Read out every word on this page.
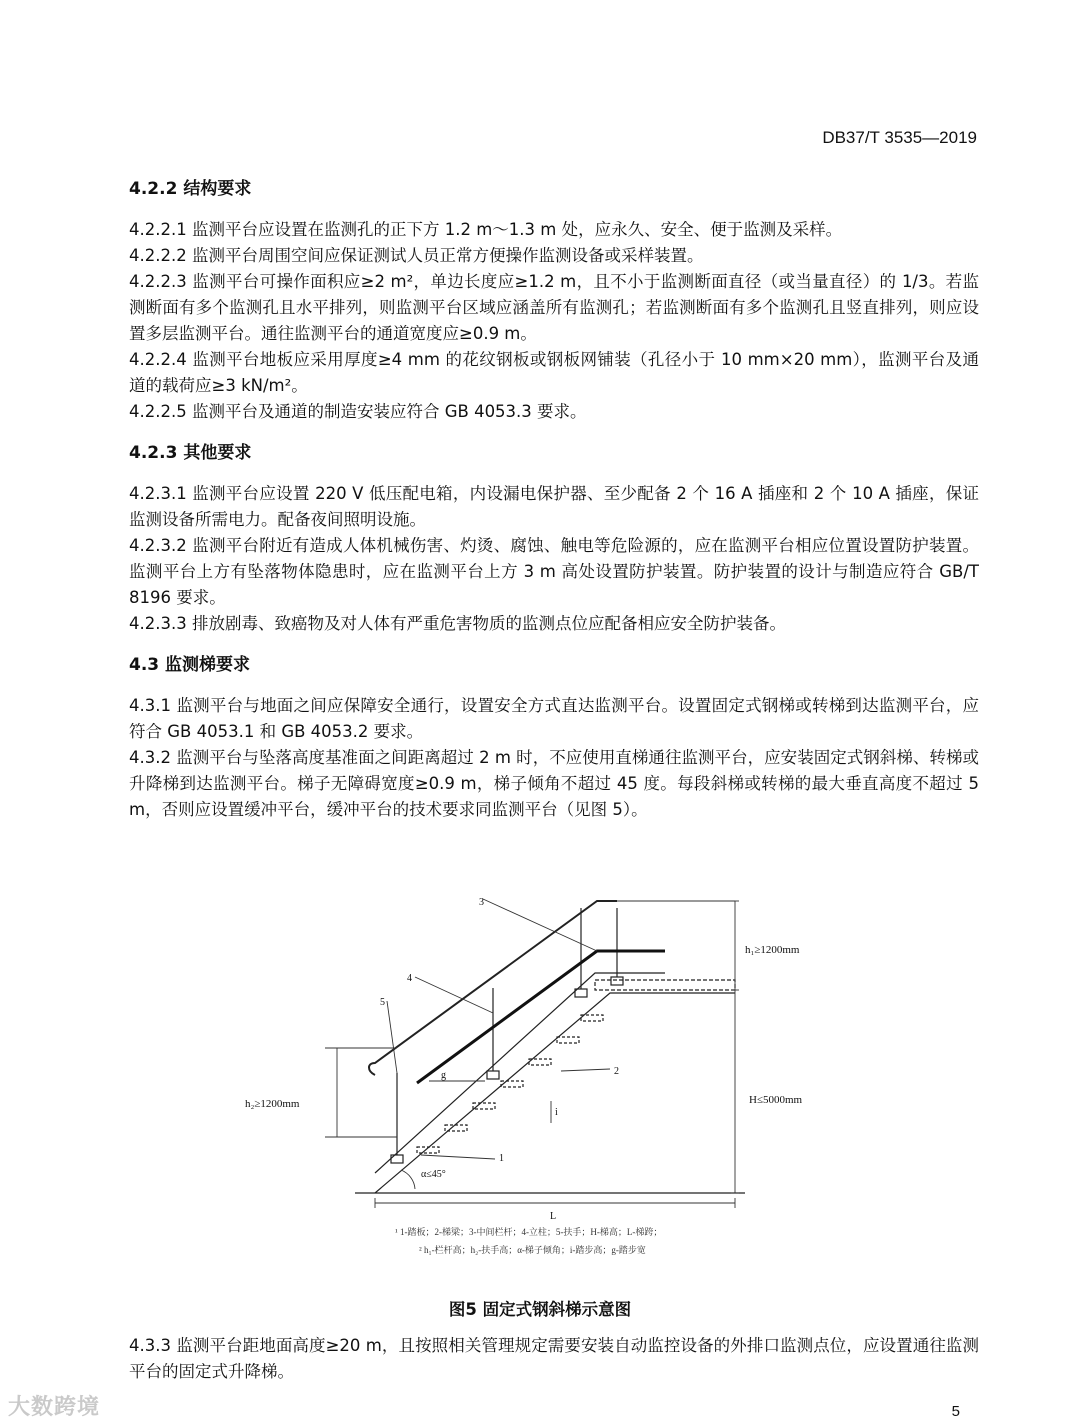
DB37/T 3535—2019
4.2.2 结构要求

4.2.2.1 监测平台应设置在监测孔的正下方 1.2 m～1.3 m 处，应永久、安全、便于监测及采样。

4.2.2.2 监测平台周围空间应保证测试人员正常方便操作监测设备或采样装置。

4.2.2.3 监测平台可操作面积应≥2 m²，单边长度应≥1.2 m，且不小于监测断面直径（或当量直径）的 1/3。若监测断面有多个监测孔且水平排列，则监测平台区域应涵盖所有监测孔；若监测断面有多个监测孔且竖直排列，则应设置多层监测平台。通往监测平台的通道宽度应≥0.9 m。

4.2.2.4 监测平台地板应采用厚度≥4 mm 的花纹钢板或钢板网铺装（孔径小于 10 mm×20 mm），监测平台及通道的载荷应≥3 kN/m²。

4.2.2.5 监测平台及通道的制造安装应符合 GB 4053.3 要求。

4.2.3 其他要求

4.2.3.1 监测平台应设置 220 V 低压配电箱，内设漏电保护器、至少配备 2 个 16 A 插座和 2 个 10 A 插座，保证监测设备所需电力。配备夜间照明设施。

4.2.3.2 监测平台附近有造成人体机械伤害、灼烫、腐蚀、触电等危险源的，应在监测平台相应位置设置防护装置。监测平台上方有坠落物体隐患时，应在监测平台上方 3 m 高处设置防护装置。防护装置的设计与制造应符合 GB/T 8196 要求。

4.2.3.3 排放剧毒、致癌物及对人体有严重危害物质的监测点位应配备相应安全防护装备。

4.3 监测梯要求

4.3.1 监测平台与地面之间应保障安全通行，设置安全方式直达监测平台。设置固定式钢梯或转梯到达监测平台，应符合 GB 4053.1 和 GB 4053.2 要求。

4.3.2 监测平台与坠落高度基准面之间距离超过 2 m 时，不应使用直梯通往监测平台，应安装固定式钢斜梯、转梯或升降梯到达监测平台。梯子无障碍宽度≥0.9 m，梯子倾角不超过 45 度。每段斜梯或转梯的最大垂直高度不超过 5 m，否则应设置缓冲平台，缓冲平台的技术要求同监测平台（见图 5）。

3
4
5
2
1
g
i
α≤45°
L
h₁≥1200mm
H≤5000mm
h₂≥1200mm
¹ 1-踏板；2-梯梁；3-中间栏杆；4-立柱；5-扶手；H-梯高；L-梯跨；
² h₁-栏杆高；h₂-扶手高；α-梯子倾角；i-踏步高；g-踏步宽
图5 固定式钢斜梯示意图

4.3.3 监测平台距地面高度≥20 m，且按照相关管理规定需要安装自动监控设备的外排口监测点位，应设置通往监测平台的固定式升降梯。

大数跨境	5
